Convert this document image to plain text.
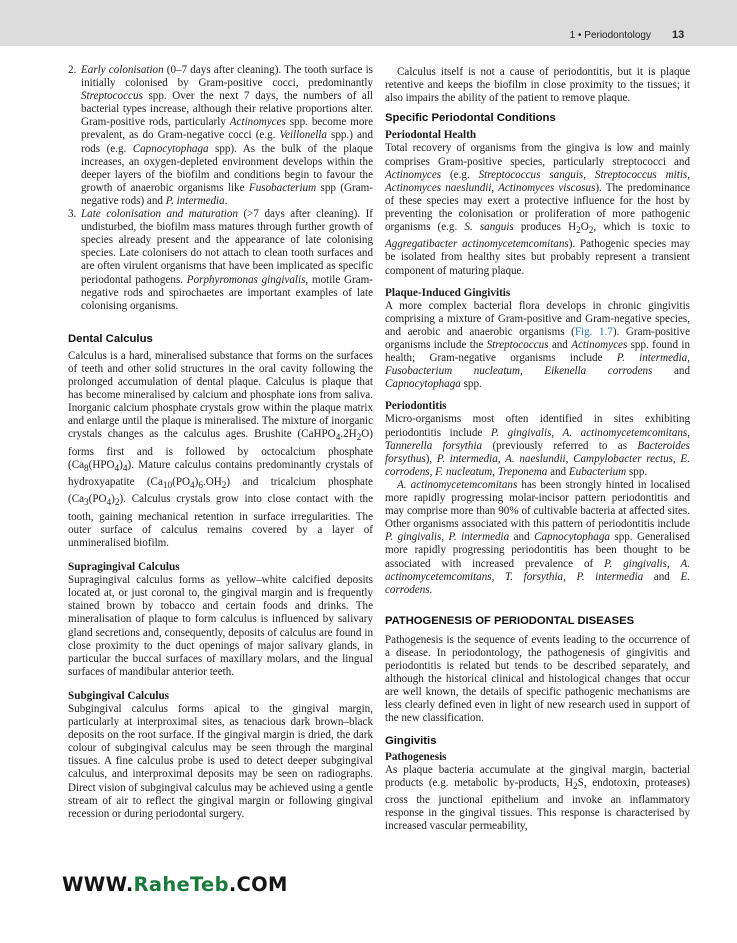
1 • Periodontology 13
2. Early colonisation (0–7 days after cleaning). The tooth surface is initially colonised by Gram-positive cocci, predominantly Streptococcus spp. Over the next 7 days, the numbers of all bacterial types increase, although their relative proportions alter. Gram-positive rods, particularly Actinomyces spp. become more prevalent, as do Gram-negative cocci (e.g. Veillonella spp.) and rods (e.g. Capnocytophaga spp). As the bulk of the plaque increases, an oxygen-depleted environment develops within the deeper layers of the biofilm and conditions begin to favour the growth of anaerobic organisms like Fusobacterium spp (Gram-negative rods) and P. intermedia.
3. Late colonisation and maturation (>7 days after cleaning). If undisturbed, the biofilm mass matures through further growth of species already present and the appearance of late colonising species. Late colonisers do not attach to clean tooth surfaces and are often virulent organisms that have been implicated as specific periodontal pathogens. Porphyromonas gingivalis, motile Gram-negative rods and spirochaetes are important examples of late colonising organisms.
Dental Calculus

Calculus is a hard, mineralised substance that forms on the surfaces of teeth and other solid structures in the oral cavity following the prolonged accumulation of dental plaque. Calculus is plaque that has become mineralised by calcium and phosphate ions from saliva. Inorganic calcium phosphate crystals grow within the plaque matrix and enlarge until the plaque is mineralised. The mixture of inorganic crystals changes as the calculus ages. Brushite $(CaHPO_4.2H_2O)$ forms first and is followed by octocalcium phosphate $(Ca_8(HPO_4)_4)$. Mature calculus contains predominantly crystals of hydroxyapatite $(Ca_{10}(PO_4)_6.OH_2)$ and tricalcium phosphate $(Ca_3(PO_4)_2)$. Calculus crystals grow into close contact with the tooth, gaining mechanical retention in surface irregularities. The outer surface of calculus remains covered by a layer of unmineralised biofilm.

Supragingival Calculus

Supragingival calculus forms as yellow–white calcified deposits located at, or just coronal to, the gingival margin and is frequently stained brown by tobacco and certain foods and drinks. The mineralisation of plaque to form calculus is influenced by salivary gland secretions and, consequently, deposits of calculus are found in close proximity to the duct openings of major salivary glands, in particular the buccal surfaces of maxillary molars, and the lingual surfaces of mandibular anterior teeth.

Subgingival Calculus

Subgingival calculus forms apical to the gingival margin, particularly at interproximal sites, as tenacious dark brown–black deposits on the root surface. If the gingival margin is dried, the dark colour of subgingival calculus may be seen through the marginal tissues. A fine calculus probe is used to detect deeper subgingival calculus, and interproximal deposits may be seen on radiographs. Direct vision of subgingival calculus may be achieved using a gentle stream of air to reflect the gingival margin or following gingival recession or during periodontal surgery.

Calculus itself is not a cause of periodontitis, but it is plaque retentive and keeps the biofilm in close proximity to the tissues; it also impairs the ability of the patient to remove plaque.

Specific Periodontal Conditions
Periodontal Health

Total recovery of organisms from the gingiva is low and mainly comprises Gram-positive species, particularly streptococci and Actinomyces (e.g. Streptococcus sanguis, Streptococcus mitis, Actinomyces naeslundii, Actinomyces viscosus). The predominance of these species may exert a protective influence for the host by preventing the colonisation or proliferation of more pathogenic organisms (e.g. S. sanguis produces $H_2O_2$, which is toxic to Aggregatibacter actinomycetemcomitans). Pathogenic species may be isolated from healthy sites but probably represent a transient component of maturing plaque.

Plaque-Induced Gingivitis

A more complex bacterial flora develops in chronic gingivitis comprising a mixture of Gram-positive and Gram-negative species, and aerobic and anaerobic organisms (Fig. 1.7). Gram-positive organisms include the Streptococcus and Actinomyces spp. found in health; Gram-negative organisms include P. intermedia, Fusobacterium nucleatum, Eikenella corrodens and Capnocytophaga spp.

Periodontitis

Micro-organisms most often identified in sites exhibiting periodontitis include P. gingivalis, A. actinomycetemcomitans, Tannerella forsythia (previously referred to as Bacteroides forsythus), P. intermedia, A. naeslundii, Campylobacter rectus, E. corrodens, F. nucleatum, Treponema and Eubacterium spp.

A. actinomycetemcomitans has been strongly hinted in localised more rapidly progressing molar-incisor pattern periodontitis and may comprise more than 90% of cultivable bacteria at affected sites. Other organisms associated with this pattern of periodontitis include P. gingivalis, P. intermedia and Capnocytophaga spp. Generalised more rapidly progressing periodontitis has been thought to be associated with increased prevalence of P. gingivalis, A. actinomycetemcomitans, T. forsythia, P. intermedia and E. corrodens.

PATHOGENESIS OF PERIODONTAL DISEASES

Pathogenesis is the sequence of events leading to the occurrence of a disease. In periodontology, the pathogenesis of gingivitis and periodontitis is related but tends to be described separately, and although the historical clinical and histological changes that occur are well known, the details of specific pathogenic mechanisms are less clearly defined even in light of new research used in support of the new classification.

Gingivitis
Pathogenesis

As plaque bacteria accumulate at the gingival margin, bacterial products (e.g. metabolic by-products, $H_2S$, endotoxin, proteases) cross the junctional epithelium and invoke an inflammatory response in the gingival tissues. This response is characterised by increased vascular permeability,

WWW.RaheTeb.COM
